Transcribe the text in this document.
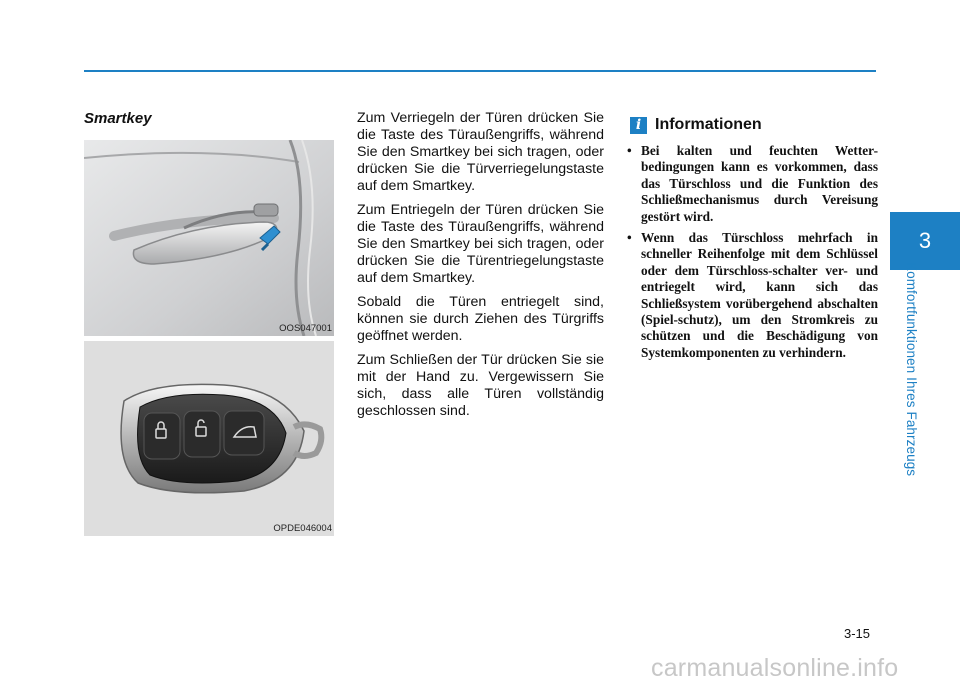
3
Komfortfunktionen Ihres Fahrzeugs
Smartkey
OOS047001
OPDE046004

Zum Verriegeln der Türen drücken Sie die Taste des Türaußengriffs, während Sie den Smartkey bei sich tragen, oder drücken Sie die Türverriegelungstaste auf dem Smartkey.

Zum Entriegeln der Türen drücken Sie die Taste des Türaußengriffs, während Sie den Smartkey bei sich tragen, oder drücken Sie die Türentriegelungstaste auf dem Smartkey.

Sobald die Türen entriegelt sind, können sie durch Ziehen des Türgriffs geöffnet werden.

Zum Schließen der Tür drücken Sie sie mit der Hand zu. Vergewissern Sie sich, dass alle Türen vollständig geschlossen sind.

i Informationen
• Bei kalten und feuchten Wetter-bedingungen kann es vorkommen, dass das Türschloss und die Funktion des Schließmechanismus durch Vereisung gestört wird.
• Wenn das Türschloss mehrfach in schneller Reihenfolge mit dem Schlüssel oder dem Türschloss-schalter ver- und entriegelt wird, kann sich das Schließsystem vorübergehend abschalten (Spiel-schutz), um den Stromkreis zu schützen und die Beschädigung von Systemkomponenten zu verhindern.
3-15
carmanualsonline.info
